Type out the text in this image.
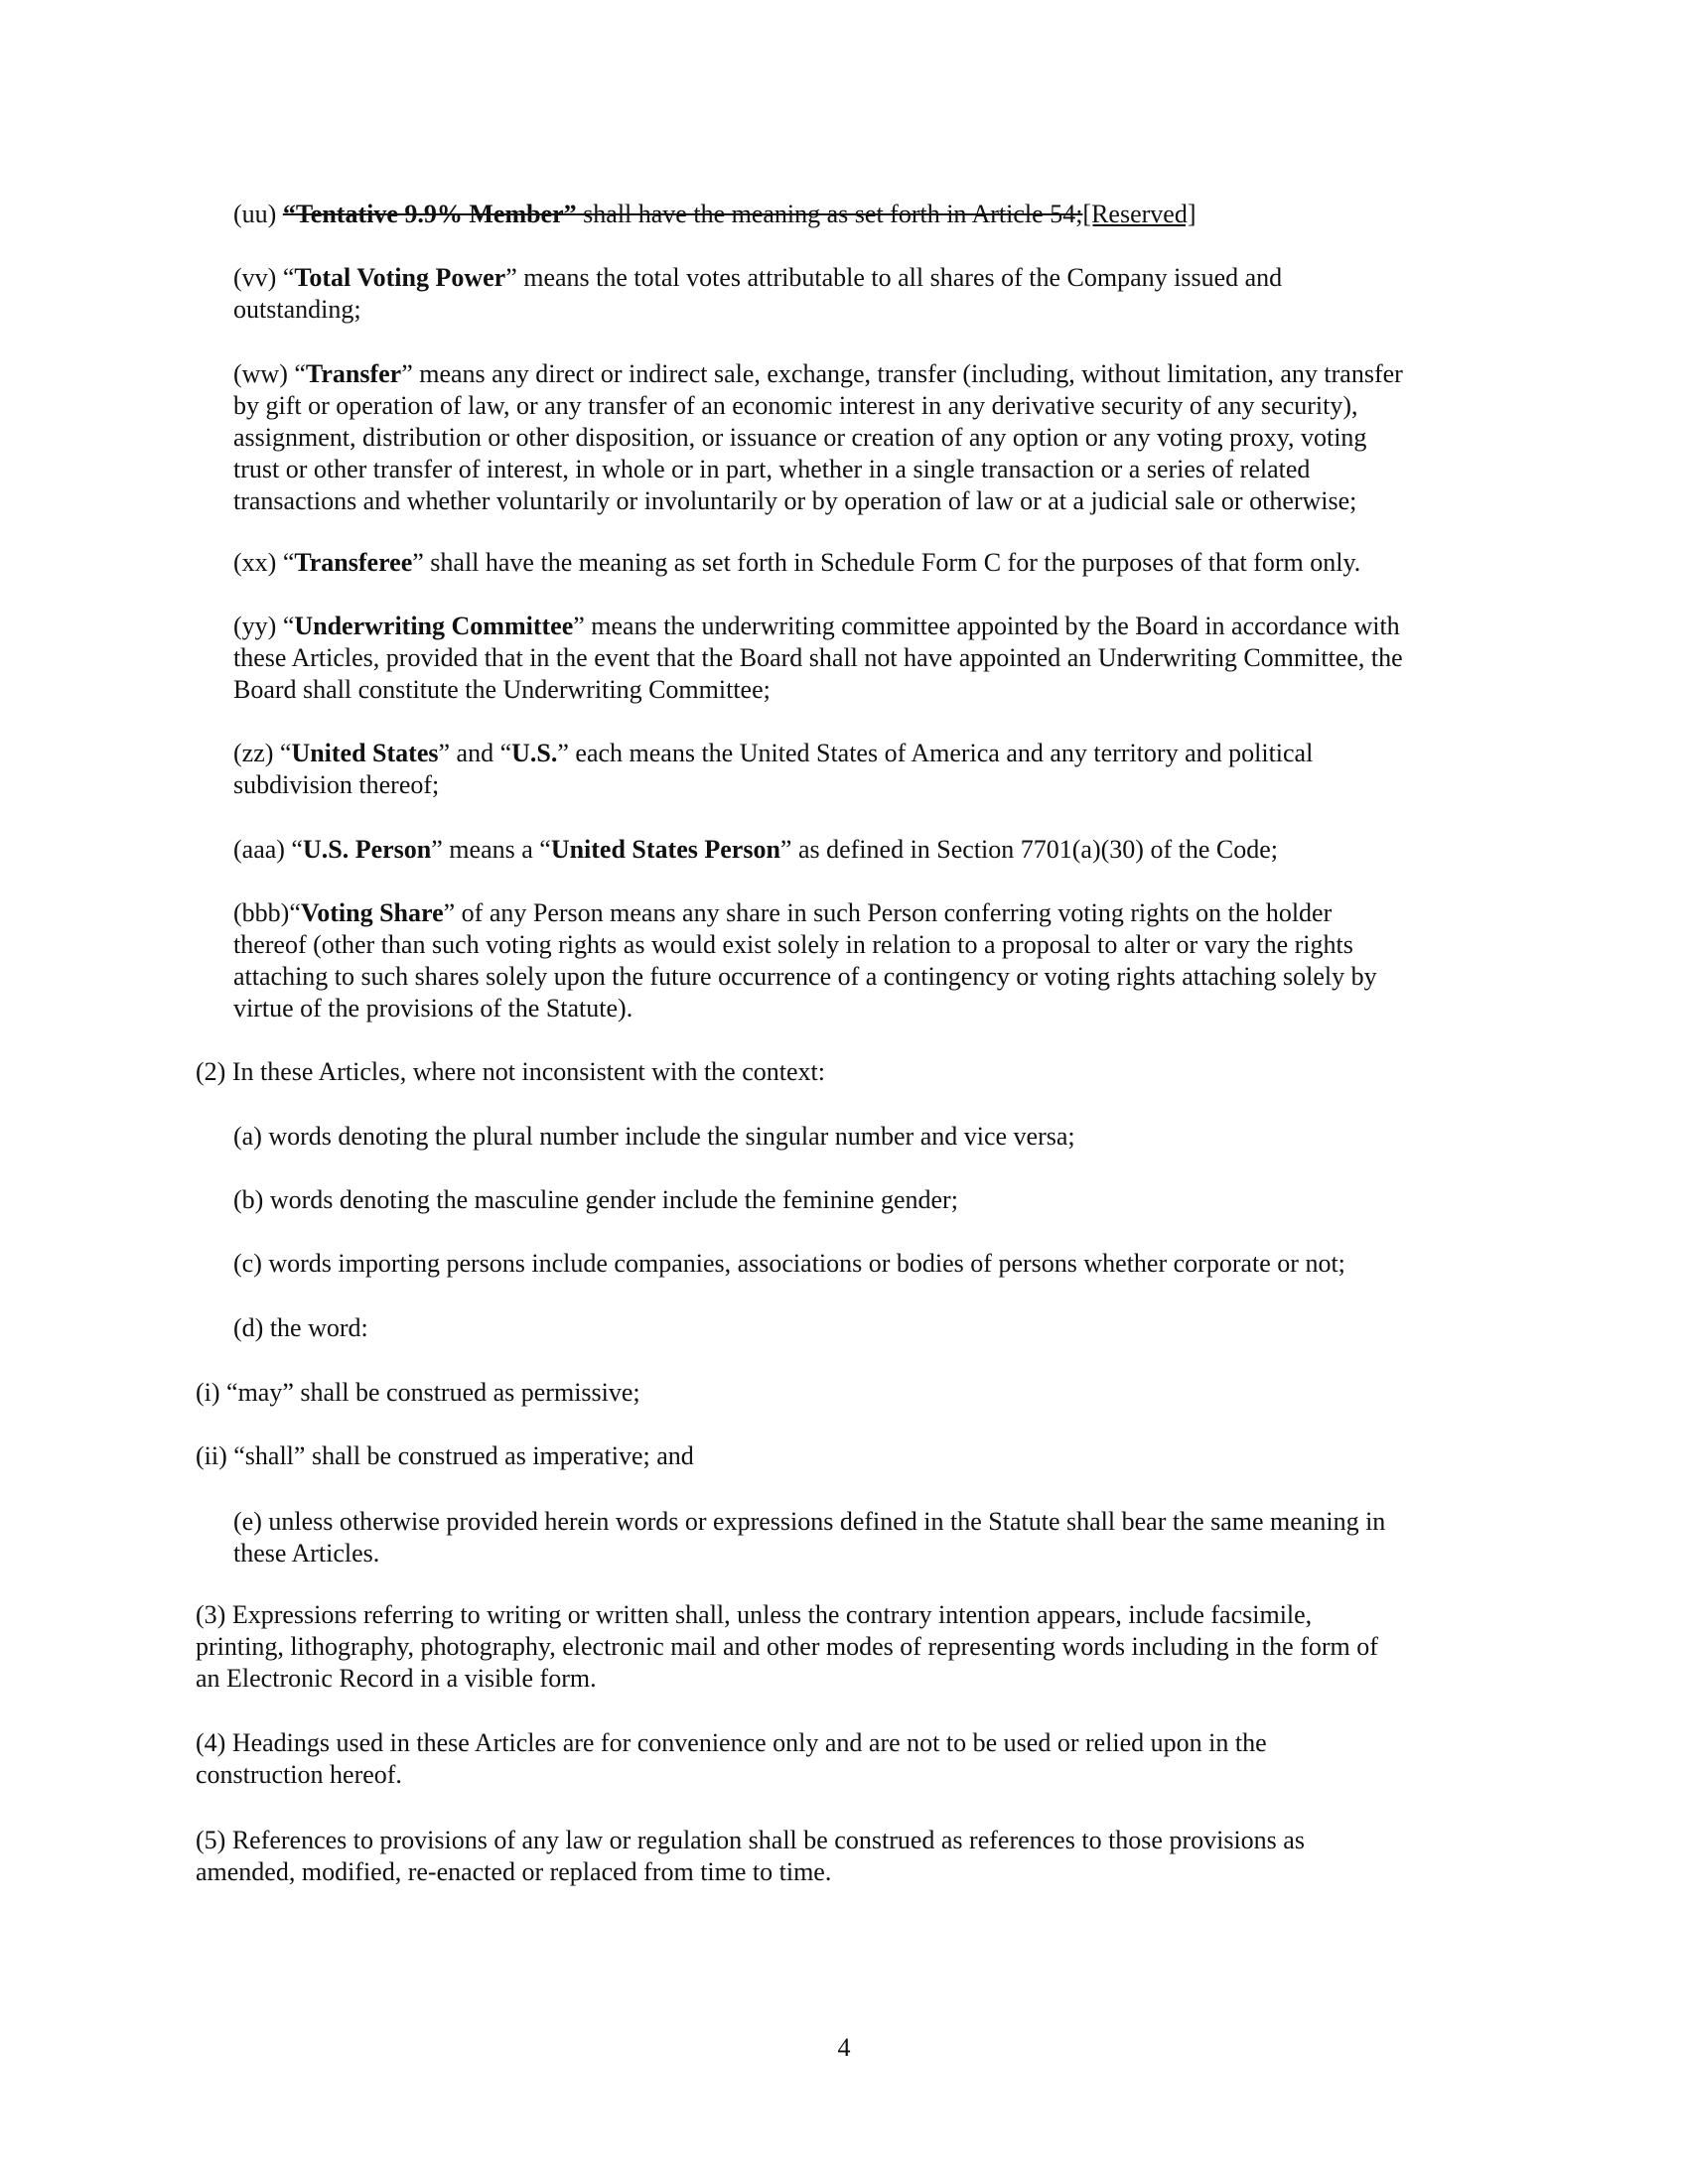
(uu) “Tentative 9.9% Member” shall have the meaning as set forth in Article 54;[Reserved]
(vv) “Total Voting Power” means the total votes attributable to all shares of the Company issued and
outstanding;
(ww) “Transfer” means any direct or indirect sale, exchange, transfer (including, without limitation, any transfer
by gift or operation of law, or any transfer of an economic interest in any derivative security of any security),
assignment, distribution or other disposition, or issuance or creation of any option or any voting proxy, voting
trust or other transfer of interest, in whole or in part, whether in a single transaction or a series of related
transactions and whether voluntarily or involuntarily or by operation of law or at a judicial sale or otherwise;
(xx) “Transferee” shall have the meaning as set forth in Schedule Form C for the purposes of that form only.
(yy) “Underwriting Committee” means the underwriting committee appointed by the Board in accordance with
these Articles, provided that in the event that the Board shall not have appointed an Underwriting Committee, the
Board shall constitute the Underwriting Committee;
(zz) “United States” and “U.S.” each means the United States of America and any territory and political
subdivision thereof;
(aaa) “U.S. Person” means a “United States Person” as defined in Section 7701(a)(30) of the Code;
(bbb)“Voting Share” of any Person means any share in such Person conferring voting rights on the holder
thereof (other than such voting rights as would exist solely in relation to a proposal to alter or vary the rights
attaching to such shares solely upon the future occurrence of a contingency or voting rights attaching solely by
virtue of the provisions of the Statute).
(2) In these Articles, where not inconsistent with the context:
(a) words denoting the plural number include the singular number and vice versa;
(b) words denoting the masculine gender include the feminine gender;
(c) words importing persons include companies, associations or bodies of persons whether corporate or not;
(d) the word:
(i) “may” shall be construed as permissive;
(ii) “shall” shall be construed as imperative; and
(e) unless otherwise provided herein words or expressions defined in the Statute shall bear the same meaning in
these Articles.
(3) Expressions referring to writing or written shall, unless the contrary intention appears, include facsimile,
printing, lithography, photography, electronic mail and other modes of representing words including in the form of
an Electronic Record in a visible form.
(4) Headings used in these Articles are for convenience only and are not to be used or relied upon in the
construction hereof.
(5) References to provisions of any law or regulation shall be construed as references to those provisions as
amended, modified, re-enacted or replaced from time to time.
4
